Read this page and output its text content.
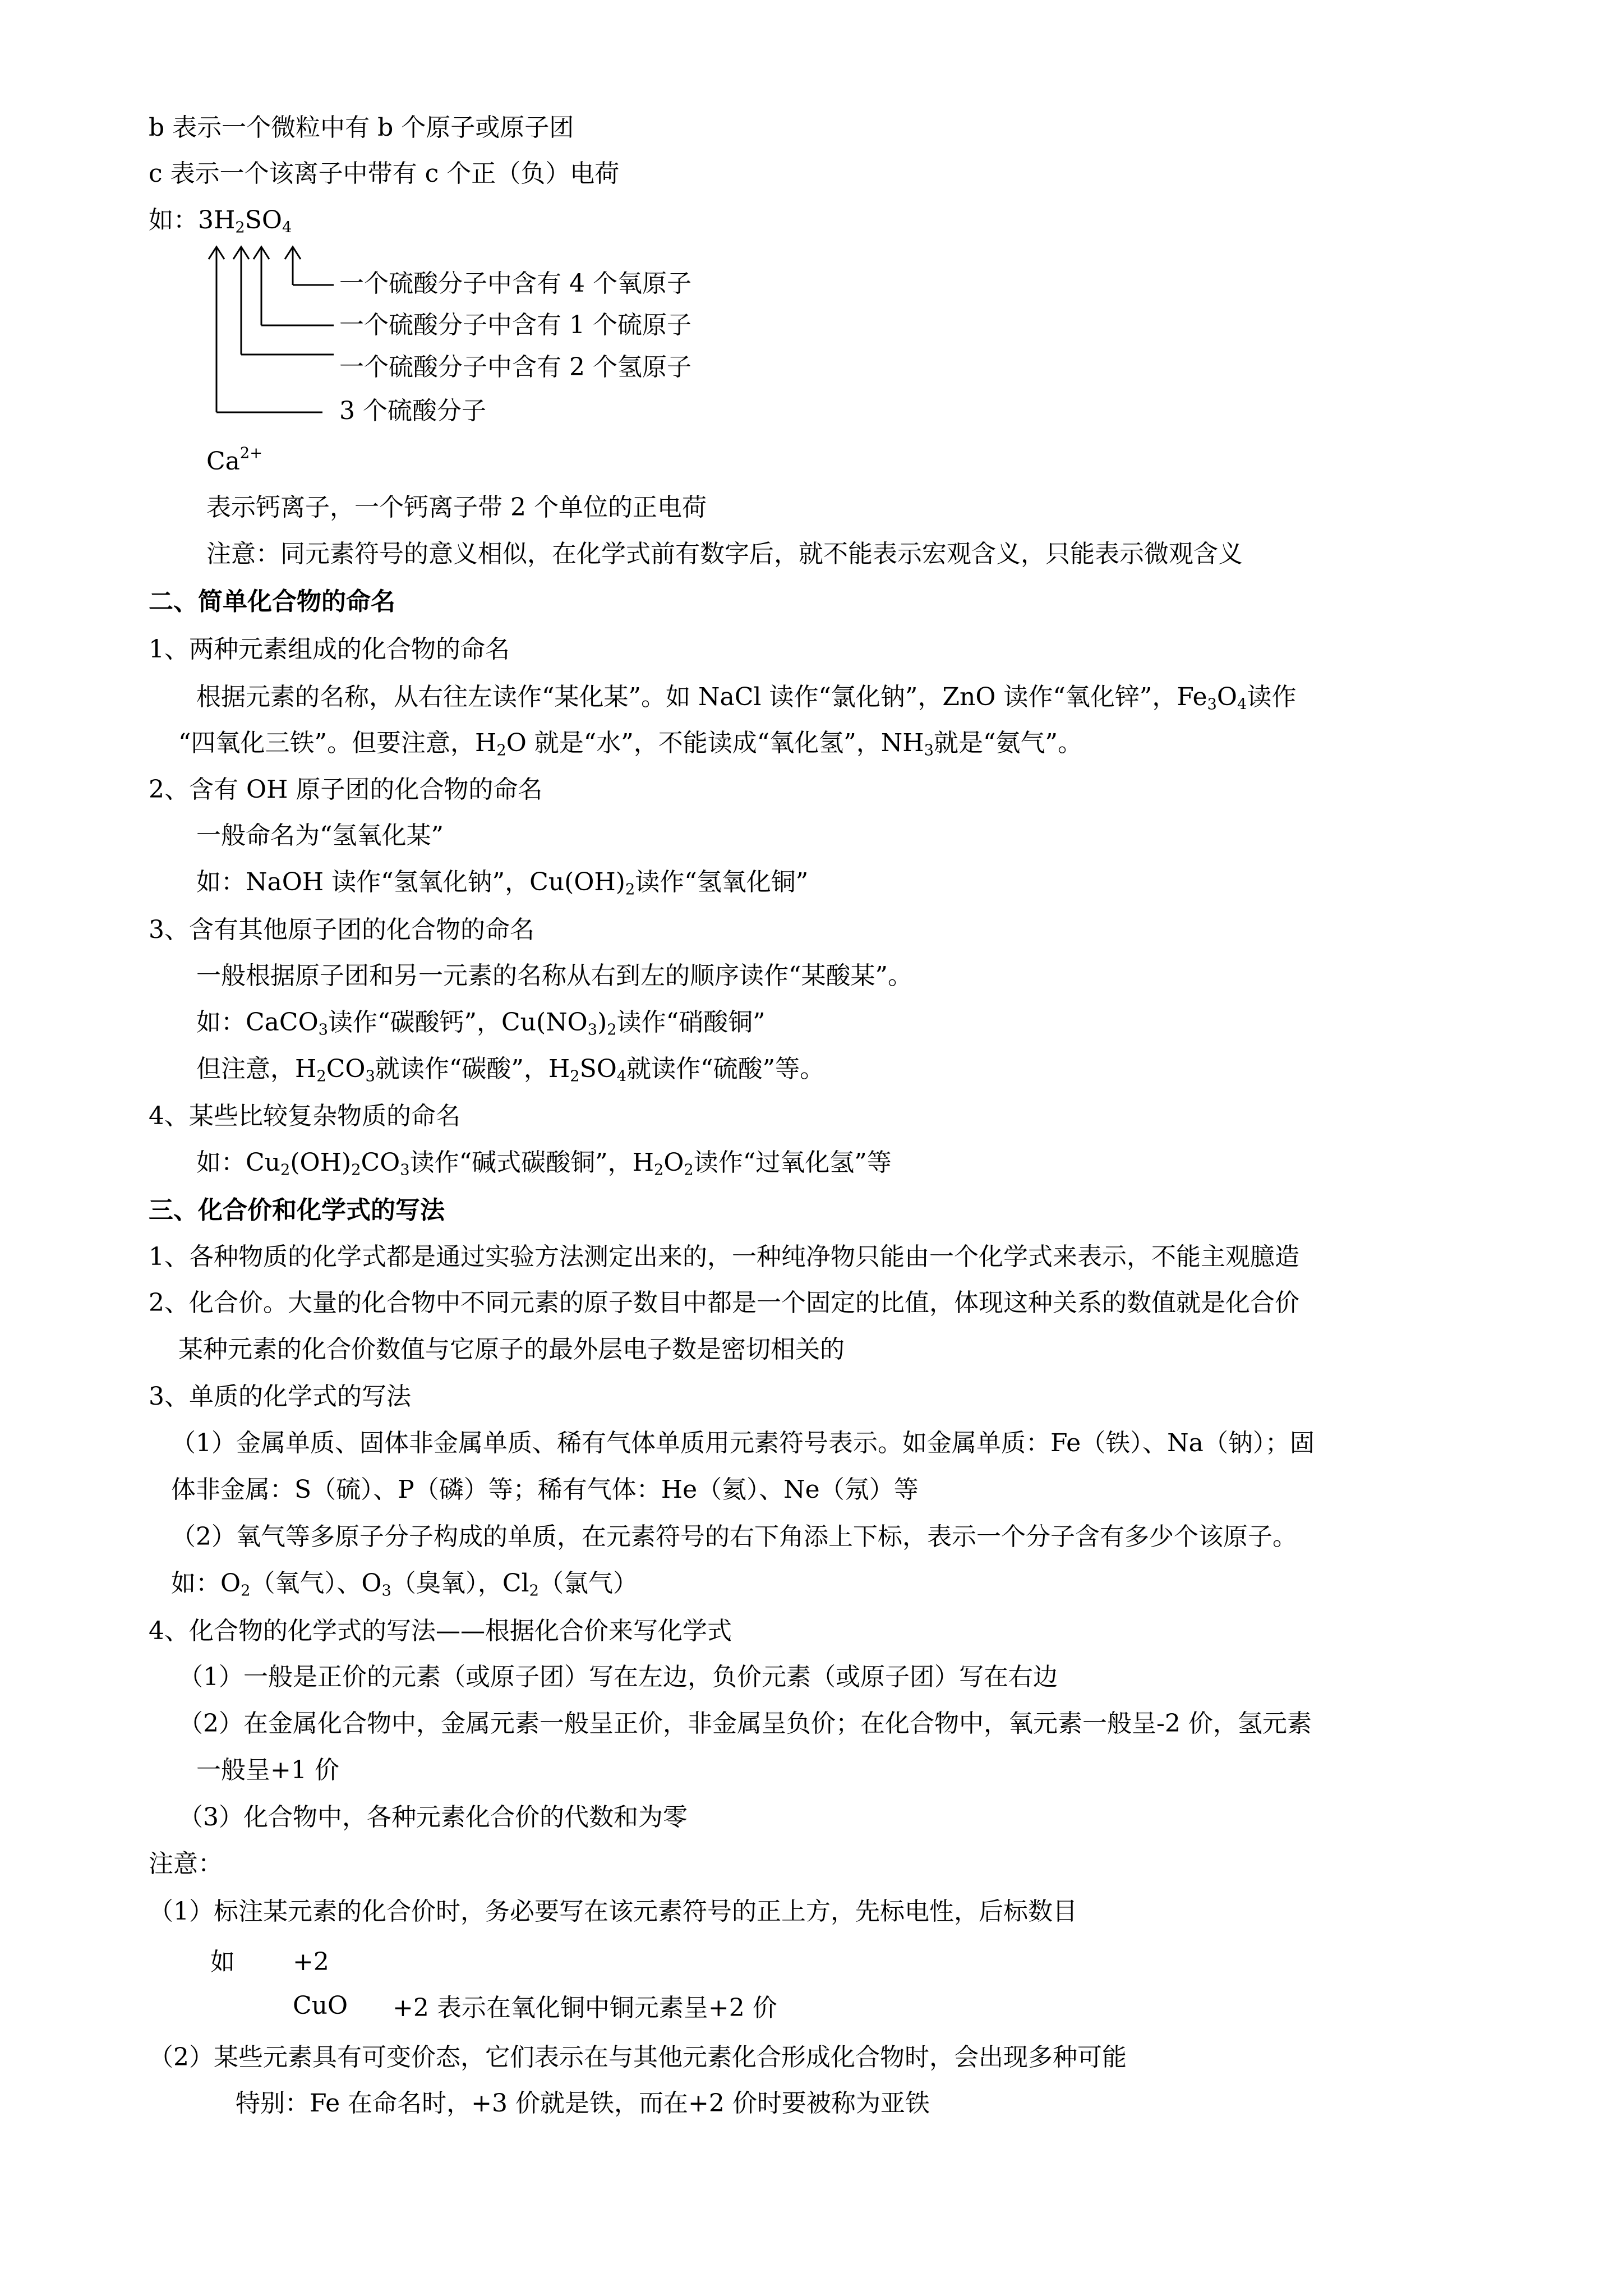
b 表示一个微粒中有 b 个原子或原子团
c 表示一个该离子中带有 c 个正（负）电荷
如：$3H_2SO_4$
一个硫酸分子中含有 4 个氧原子
一个硫酸分子中含有 1 个硫原子
一个硫酸分子中含有 2 个氢原子
3 个硫酸分子
$Ca^{2+}$
表示钙离子，一个钙离子带 2 个单位的正电荷
注意：同元素符号的意义相似，在化学式前有数字后，就不能表示宏观含义，只能表示微观含义
二、简单化合物的命名
1、两种元素组成的化合物的命名
根据元素的名称，从右往左读作“某化某”。如 NaCl 读作“氯化钠”，ZnO 读作“氧化锌”，$Fe_3O_4$读作
“四氧化三铁”。但要注意，$H_2O$ 就是“水”，不能读成“氧化氢”，$NH_3$就是“氨气”。
2、含有 OH 原子团的化合物的命名
一般命名为“氢氧化某”
如：NaOH 读作“氢氧化钠”，$Cu(OH)_2$读作“氢氧化铜”
3、含有其他原子团的化合物的命名
一般根据原子团和另一元素的名称从右到左的顺序读作“某酸某”。
如：CaCO$_3$读作“碳酸钙”，$Cu(NO_3)_2$读作“硝酸铜”
但注意，$H_2CO_3$就读作“碳酸”，$H_2SO_4$就读作“硫酸”等。
4、某些比较复杂物质的命名
如：$Cu_2(OH)_2CO_3$读作“碱式碳酸铜”，$H_2O_2$读作“过氧化氢”等
三、化合价和化学式的写法
1、各种物质的化学式都是通过实验方法测定出来的，一种纯净物只能由一个化学式来表示，不能主观臆造
2、化合价。大量的化合物中不同元素的原子数目中都是一个固定的比值，体现这种关系的数值就是化合价
某种元素的化合价数值与它原子的最外层电子数是密切相关的
3、单质的化学式的写法
（1）金属单质、固体非金属单质、稀有气体单质用元素符号表示。如金属单质：Fe（铁）、Na（钠）；固
体非金属：S（硫）、P（磷）等；稀有气体：He（氦）、Ne（氖）等
（2）氧气等多原子分子构成的单质，在元素符号的右下角添上下标，表示一个分子含有多少个该原子。
如：$O_2$（氧气）、$O_3$（臭氧），$Cl_2$（氯气）
4、化合物的化学式的写法——根据化合价来写化学式
（1）一般是正价的元素（或原子团）写在左边，负价元素（或原子团）写在右边
（2）在金属化合物中，金属元素一般呈正价，非金属呈负价；在化合物中，氧元素一般呈-2 价，氢元素
一般呈+1 价
（3）化合物中，各种元素化合价的代数和为零
注意：
（1）标注某元素的化合价时，务必要写在该元素符号的正上方，先标电性，后标数目
如 +2
CuO +2 表示在氧化铜中铜元素呈+2 价
（2）某些元素具有可变价态，它们表示在与其他元素化合形成化合物时，会出现多种可能
特别：Fe 在命名时，+3 价就是铁，而在+2 价时要被称为亚铁
